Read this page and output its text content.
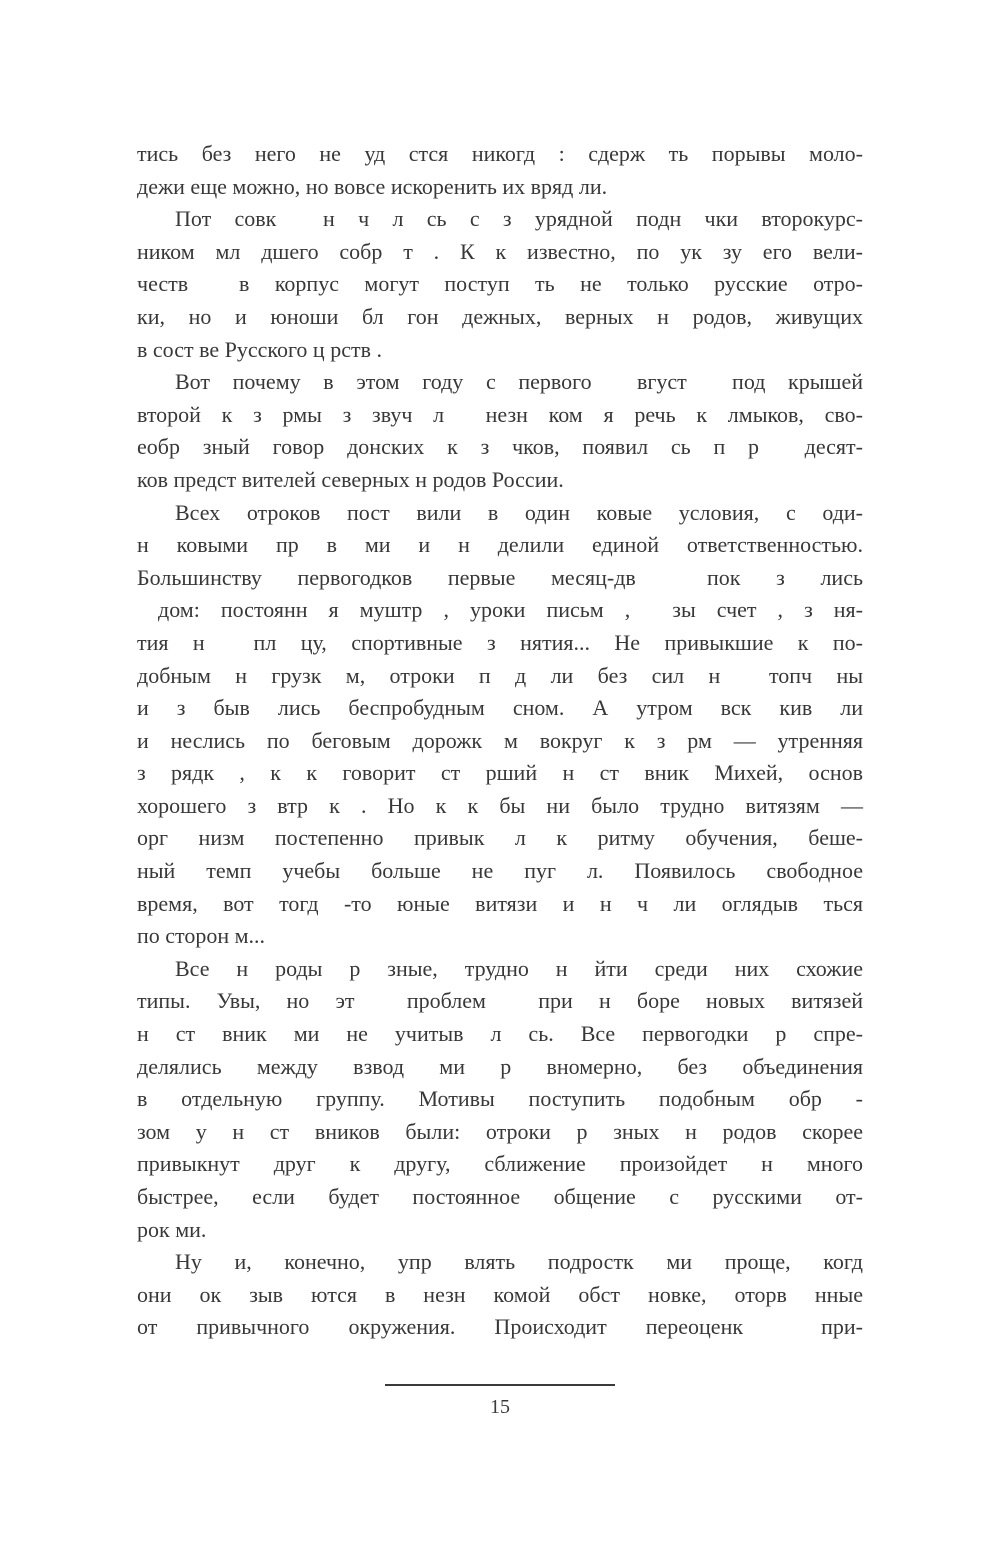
тись без него не уд стся никогд : сдерж ть порывы моло-
дежи еще можно, но вовсе искоренить их вряд ли.
Пот совк  н ч л сь с з урядной подн чки второкурс-
ником мл дшего собр т . К к известно, по ук зу его вели-
честв  в корпус могут поступ ть не только русские отро-
ки, но и юноши бл гон дежных, верных н родов, живущих
в сост ве Русского ц рств .
Вот почему в этом году с первого  вгуст  под крышей
второй к з рмы з звуч л  незн ком я речь к лмыков, сво-
еобр зный говор донских к з чков, появил сь п р  десят-
ков предст вителей северных н родов России.
Всех отроков пост вили в один ковые условия, с оди-
н ковыми пр в ми и н делили единой ответственностью.
Большинству первогодков первые месяц-дв  пок з лись
дом: постоянн я муштр , уроки письм ,  зы счет , з ня-
тия н  пл цу, спортивные з нятия... Не привыкшие к по-
добным н грузк м, отроки п д ли без сил н  топч ны
и з быв лись беспробудным сном. А утром вск кив ли
и неслись по беговым дорожк м вокруг к з рм — утренняя
з рядк , к к говорит ст рший н ст вник Михей, основ
хорошего з втр к . Но к к бы ни было трудно витязям —
орг низм постепенно привык л к ритму обучения, беше-
ный темп учебы больше не пуг л. Появилось свободное
время, вот тогд -то юные витязи и н ч ли оглядыв ться
по сторон м...
Все н роды р зные, трудно н йти среди них схожие
типы. Увы, но эт  проблем  при н боре новых витязей
н ст вник ми не учитыв л сь. Все первогодки р спре-
делялись между взвод ми р вномерно, без объединения
в отдельную группу. Мотивы поступить подобным обр -
зом у н ст вников были: отроки р зных н родов скорее
привыкнут друг к другу, сближение произойдет н много
быстрее, если будет постоянное общение с русскими от-
рок ми.
Ну и, конечно, упр влять подростк ми проще, когд
они ок зыв ются в незн комой обст новке, оторв нные
от привычного окружения. Происходит переоценк  при-
15
